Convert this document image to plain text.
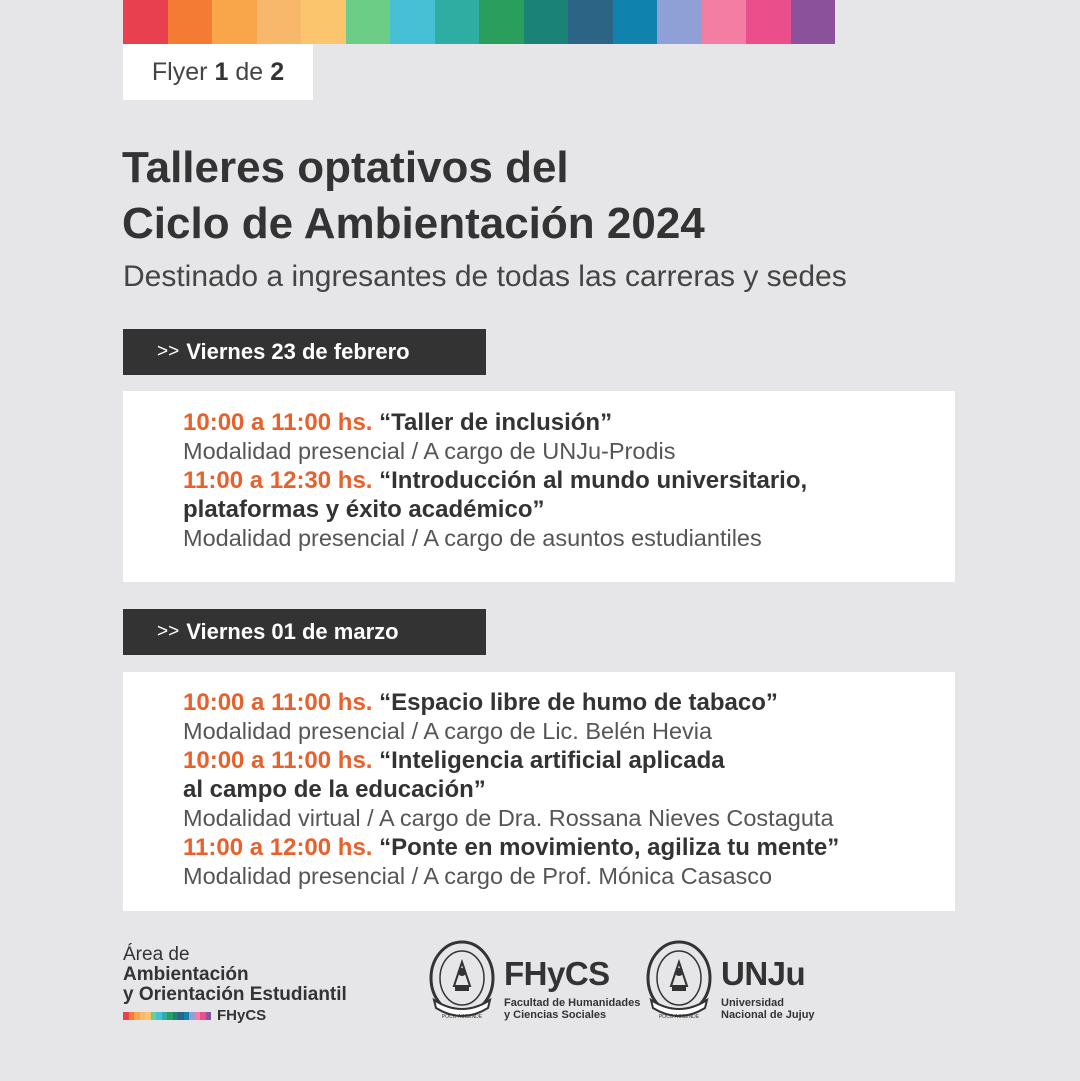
Flyer 1 de 2
Talleres optativos del
Ciclo de Ambientación 2024

Destinado a ingresantes de todas las carreras y sedes

>> Viernes 23 de febrero
10:00 a 11:00 hs. “Taller de inclusión”
Modalidad presencial / A cargo de UNJu-Prodis
11:00 a 12:30 hs. “Introducción al mundo universitario,
plataformas y éxito académico”
Modalidad presencial / A cargo de asuntos estudiantiles
>> Viernes 01 de marzo
10:00 a 11:00 hs. “Espacio libre de humo de tabaco”
Modalidad presencial / A cargo de Lic. Belén Hevia
10:00 a 11:00 hs. “Inteligencia artificial aplicada
al campo de la educación”
Modalidad virtual / A cargo de Dra. Rossana Nieves Costaguta
11:00 a 12:00 hs. “Ponte en movimiento, agiliza tu mente”
Modalidad presencial / A cargo de Prof. Mónica Casasco
Área de
Ambientación
y Orientación Estudiantil
FHyCS	POCO ACCENDE
FHyCS
Facultad de Humanidades
y Ciencias Sociales	POCO ACCENDE
UNJu
Universidad
Nacional de Jujuy
